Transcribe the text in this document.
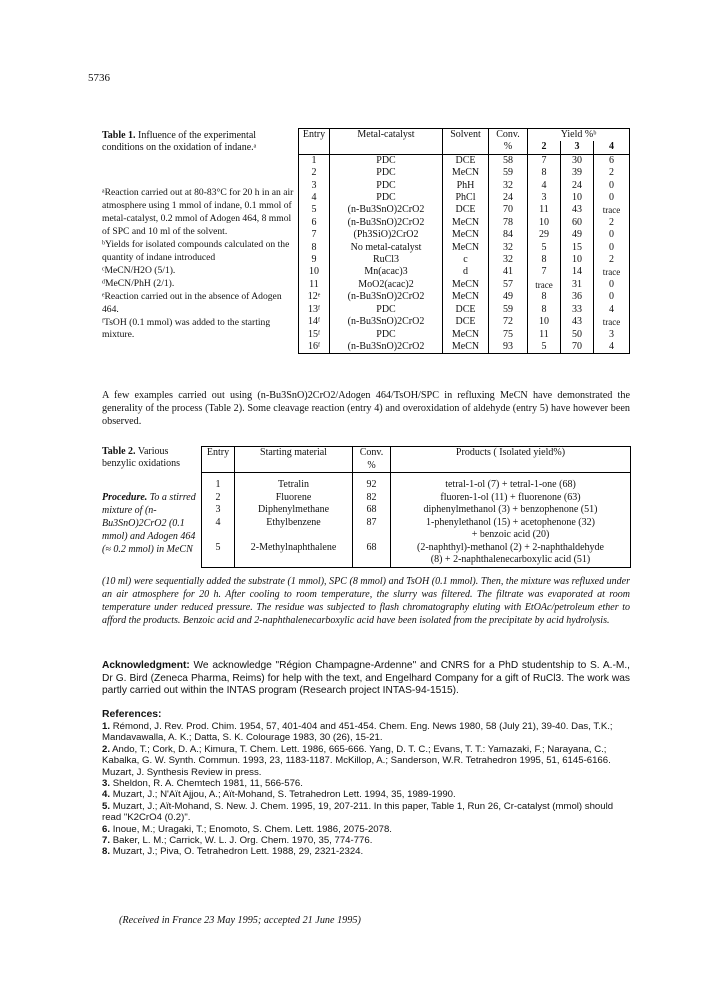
5736
Table 1. Influence of the experimental conditions on the oxidation of indane.ᵃ
ᵃReaction carried out at 80-83°C for 20 h in an air atmosphere using 1 mmol of indane, 0.1 mmol of metal-catalyst, 0.2 mmol of Adogen 464, 8 mmol of SPC and 10 ml of the solvent.
ᵇYields for isolated compounds calculated on the quantity of indane introduced
ᶜMeCN/H2O (5/1).
ᵈMeCN/PhH (2/1).
ᵉReaction carried out in the absence of Adogen 464.
ᶠTsOH (0.1 mmol) was added to the starting mixture.
Entry	Metal-catalyst	Solvent	Conv.	Yield %ᵇ		
			%	2	3	4
1	PDC	DCE	58	7	30	6
2	PDC	MeCN	59	8	39	2
3	PDC	PhH	32	4	24	0
4	PDC	PhCl	24	3	10	0
5	(n-Bu3SnO)2CrO2	DCE	70	11	43	trace
6	(n-Bu3SnO)2CrO2	MeCN	78	10	60	2
7	(Ph3SiO)2CrO2	MeCN	84	29	49	0
8	No metal-catalyst	MeCN	32	5	15	0
9	RuCl3	c	32	8	10	2
10	Mn(acac)3	d	41	7	14	trace
11	MoO2(acac)2	MeCN	57	trace	31	0
12ᵉ	(n-Bu3SnO)2CrO2	MeCN	49	8	36	0
13ᶠ	PDC	DCE	59	8	33	4
14ᶠ	(n-Bu3SnO)2CrO2	DCE	72	10	43	trace
15ᶠ	PDC	MeCN	75	11	50	3
16ᶠ	(n-Bu3SnO)2CrO2	MeCN	93	5	70	4
A few examples carried out using (n-Bu3SnO)2CrO2/Adogen 464/TsOH/SPC in refluxing MeCN have demonstrated the generality of the process (Table 2). Some cleavage reaction (entry 4) and overoxidation of aldehyde (entry 5) have however been observed.
Table 2. Various benzylic oxidations
Procedure. To a stirred mixture of (n-Bu3SnO)2CrO2 (0.1 mmol) and Adogen 464 (≈ 0.2 mmol) in MeCN
Entry	Starting material	Conv.	Products ( Isolated yield%)
		%	

1	Tetralin	92	tetral-1-ol (7) + tetral-1-one (68)
2	Fluorene	82	fluoren-1-ol (11) + fluorenone (63)
3	Diphenylmethane	68	diphenylmethanol (3) + benzophenone (51)
4	Ethylbenzene	87	1-phenylethanol (15) + acetophenone (32)
			+ benzoic acid (20)
5	2-Methylnaphthalene	68	(2-naphthyl)-methanol (2) + 2-naphthaldehyde
			(8) + 2-naphthalenecarboxylic acid (51)
(10 ml) were sequentially added the substrate (1 mmol), SPC (8 mmol) and TsOH (0.1 mmol). Then, the mixture was refluxed under an air atmosphere for 20 h. After cooling to room temperature, the slurry was filtered. The filtrate was evaporated at room temperature under reduced pressure. The residue was subjected to flash chromatography eluting with EtOAc/petroleum ether to afford the products. Benzoic acid and 2-naphthalenecarboxylic acid have been isolated from the precipitate by acid hydrolysis.
Acknowledgment: We acknowledge "Région Champagne-Ardenne" and CNRS for a PhD studentship to S. A.-M., Dr G. Bird (Zeneca Pharma, Reims) for help with the text, and Engelhard Company for a gift of RuCl3. The work was partly carried out within the INTAS program (Research project INTAS-94-1515).
References:
1. Rémond, J. Rev. Prod. Chim. 1954, 57, 401-404 and 451-454. Chem. Eng. News 1980, 58 (July 21), 39-40. Das, T.K.; Mandavawalla, A. K.; Datta, S. K. Colourage 1983, 30 (26), 15-21.
2. Ando, T.; Cork, D. A.; Kimura, T. Chem. Lett. 1986, 665-666. Yang, D. T. C.; Evans, T. T.: Yamazaki, F.; Narayana, C.; Kabalka, G. W. Synth. Commun. 1993, 23, 1183-1187. McKillop, A.; Sanderson, W.R. Tetrahedron 1995, 51, 6145-6166. Muzart, J. Synthesis Review in press.
3. Sheldon, R. A. Chemtech 1981, 11, 566-576.
4. Muzart, J.; N'Aït Ajjou, A.; Aït-Mohand, S. Tetrahedron Lett. 1994, 35, 1989-1990.
5. Muzart, J.; Aït-Mohand, S. New. J. Chem. 1995, 19, 207-211. In this paper, Table 1, Run 26, Cr-catalyst (mmol) should read "K2CrO4 (0.2)".
6. Inoue, M.; Uragaki, T.; Enomoto, S. Chem. Lett. 1986, 2075-2078.
7. Baker, L. M.; Carrick, W. L. J. Org. Chem. 1970, 35, 774-776.
8. Muzart, J.; Piva, O. Tetrahedron Lett. 1988, 29, 2321-2324.
(Received in France 23 May 1995; accepted 21 June 1995)
